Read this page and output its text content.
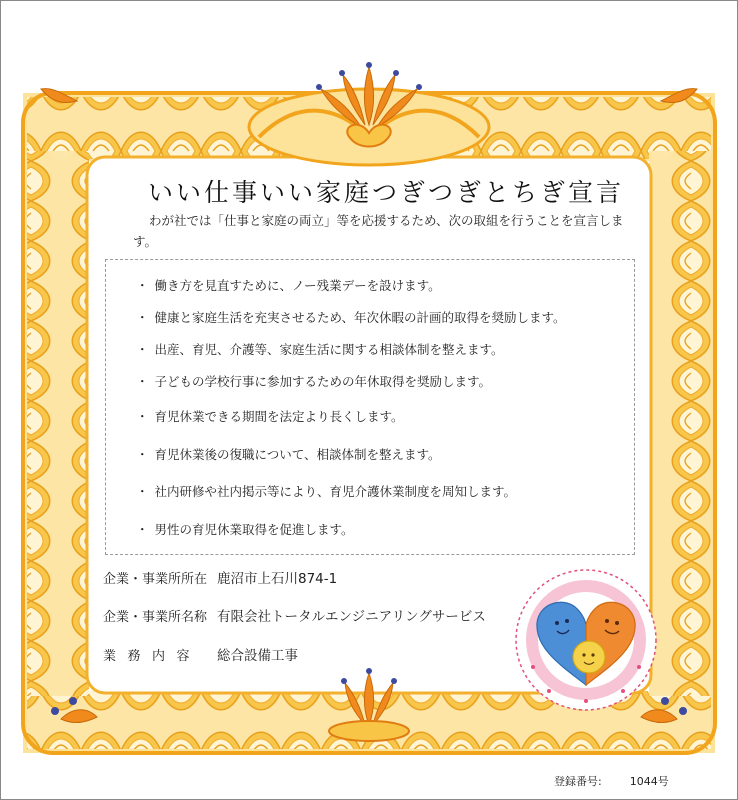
いい仕事いい家庭つぎつぎとちぎ宣言
わが社では「仕事と家庭の両立」等を応援するため、次の取組を行うことを宣言します。
・ 働き方を見直すために、ノー残業デーを設けます。
・ 健康と家庭生活を充実させるため、年次休暇の計画的取得を奨励します。
・ 出産、育児、介護等、家庭生活に関する相談体制を整えます。
・ 子どもの学校行事に参加するための年休取得を奨励します。
・ 育児休業できる期間を法定より長くします。
・ 育児休業後の復職について、相談体制を整えます。
・ 社内研修や社内掲示等により、育児介護休業制度を周知します。
・ 男性の育児休業取得を促進します。
企業・事業所所在 鹿沼市上石川874-1
企業・事業所名称 有限会社トータルエンジニアリングサービス
業務内容 総合設備工事
登録番号:	1044号
